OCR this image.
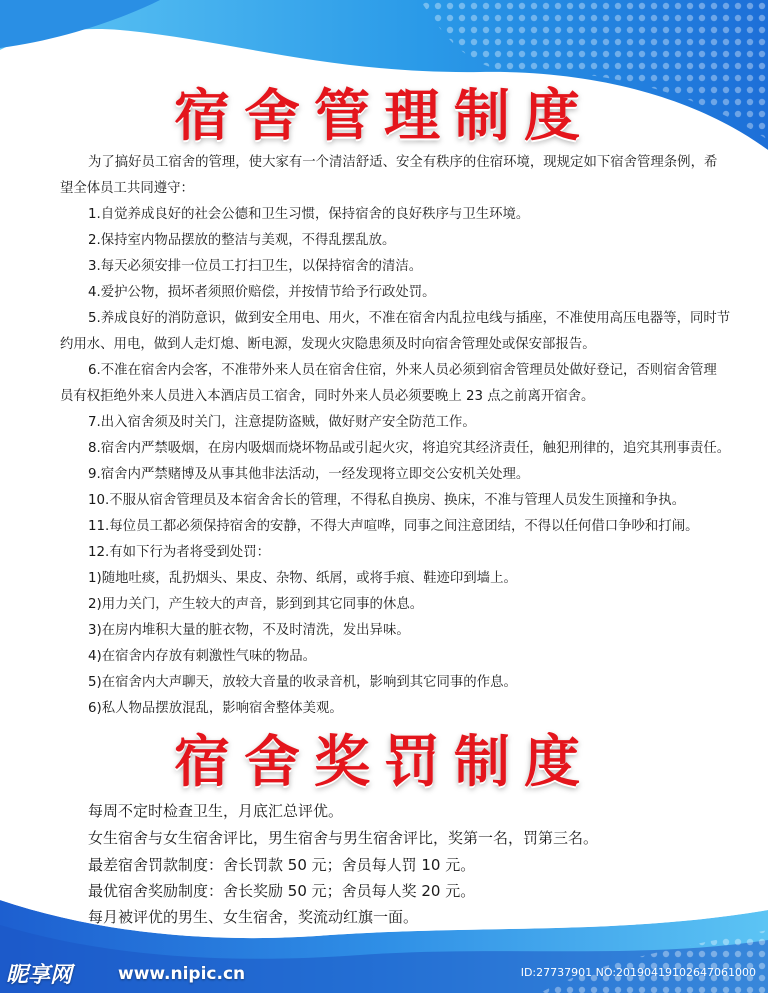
宿舍管理制度
宿舍奖罚制度
为了搞好员工宿舍的管理，使大家有一个清洁舒适、安全有秩序的住宿环境，现规定如下宿舍管理条例，希
望全体员工共同遵守：
1.自觉养成良好的社会公德和卫生习惯，保持宿舍的良好秩序与卫生环境。
2.保持室内物品摆放的整洁与美观，不得乱摆乱放。
3.每天必须安排一位员工打扫卫生，以保持宿舍的清洁。
4.爱护公物，损坏者须照价赔偿，并按情节给予行政处罚。
5.养成良好的消防意识，做到安全用电、用火，不准在宿舍内乱拉电线与插座，不准使用高压电器等，同时节
约用水、用电，做到人走灯熄、断电源，发现火灾隐患须及时向宿舍管理处或保安部报告。
6.不准在宿舍内会客，不准带外来人员在宿舍住宿，外来人员必须到宿舍管理员处做好登记，否则宿舍管理
员有权拒绝外来人员进入本酒店员工宿舍，同时外来人员必须要晚上 23 点之前离开宿舍。
7.出入宿舍须及时关门，注意提防盗贼，做好财产安全防范工作。
8.宿舍内严禁吸烟，在房内吸烟而烧坏物品或引起火灾，将追究其经济责任，触犯刑律的，追究其刑事责任。
9.宿舍内严禁赌博及从事其他非法活动，一经发现将立即交公安机关处理。
10.不服从宿舍管理员及本宿舍舍长的管理，不得私自换房、换床，不准与管理人员发生顶撞和争执。
11.每位员工都必须保持宿舍的安静，不得大声喧哗，同事之间注意团结，不得以任何借口争吵和打闹。
12.有如下行为者将受到处罚：
1)随地吐痰，乱扔烟头、果皮、杂物、纸屑，或将手痕、鞋迹印到墙上。
2)用力关门，产生较大的声音，影到到其它同事的休息。
3)在房内堆积大量的脏衣物，不及时清洗，发出异味。
4)在宿舍内存放有刺激性气味的物品。
5)在宿舍内大声聊天，放较大音量的收录音机，影响到其它同事的作息。
6)私人物品摆放混乱，影响宿舍整体美观。
每周不定时检查卫生，月底汇总评优。
女生宿舍与女生宿舍评比，男生宿舍与男生宿舍评比，奖第一名，罚第三名。
最差宿舍罚款制度：舍长罚款 50 元；舍员每人罚 10 元。
最优宿舍奖励制度：舍长奖励 50 元；舍员每人奖 20 元。
每月被评优的男生、女生宿舍，奖流动红旗一面。
昵享网	www.nipic.cn	ID:27737901 NO:20190419102647061000
